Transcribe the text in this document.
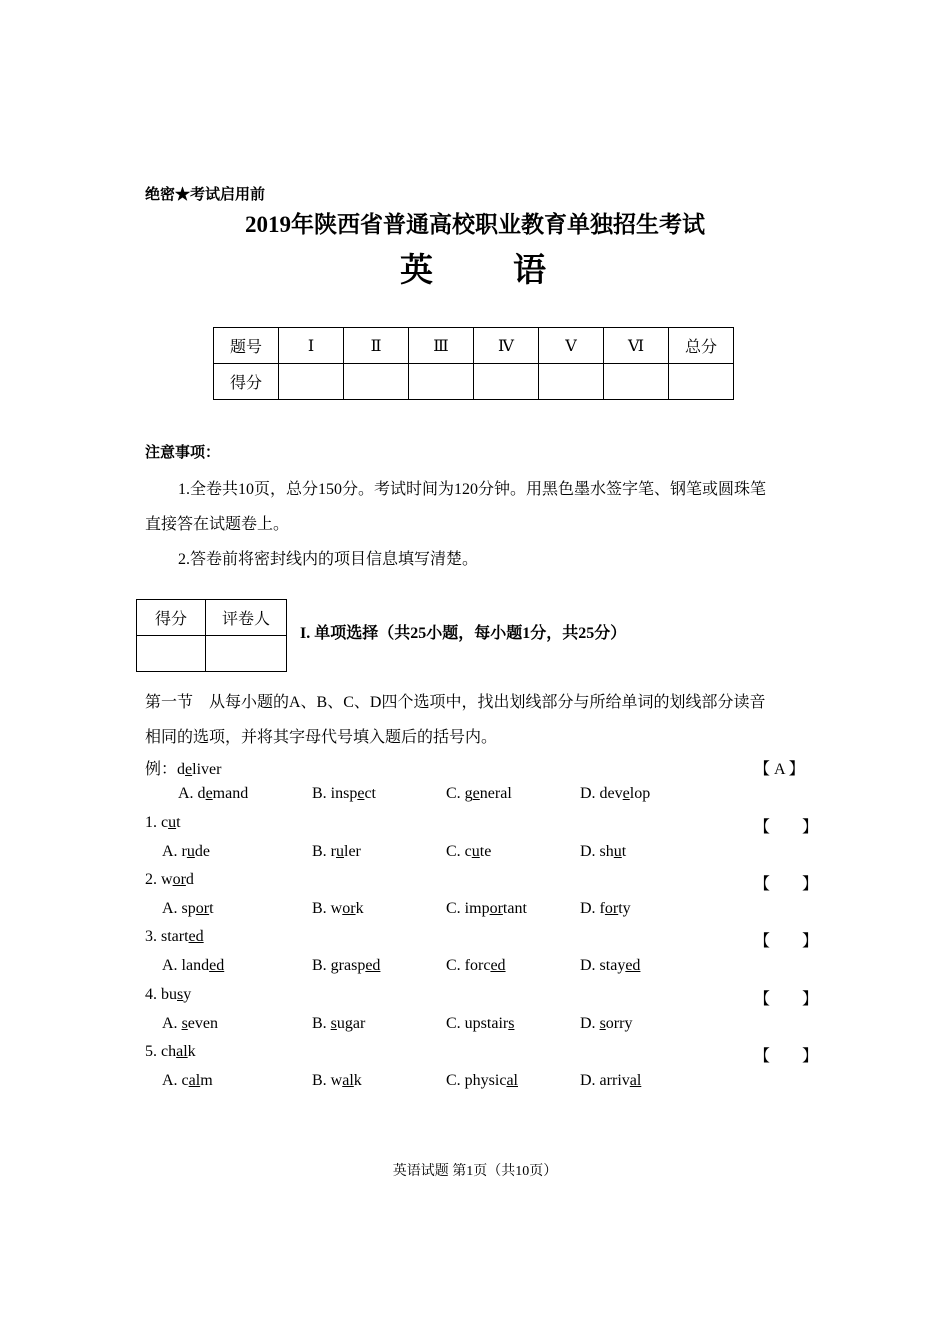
绝密★考试启用前
2019年陕西省普通高校职业教育单独招生考试
英 语
题号	Ⅰ	Ⅱ	Ⅲ	Ⅳ	Ⅴ	Ⅵ	总分
得分							
注意事项：
1.全卷共10页，总分150分。考试时间为120分钟。用黑色墨水签字笔、钢笔或圆珠笔
直接答在试题卷上。
2.答卷前将密封线内的项目信息填写清楚。
得分	评卷人

I. 单项选择（共25小题，每小题1分，共25分）
第一节　从每小题的A、B、C、D四个选项中，找出划线部分与所给单词的划线部分读音
相同的选项，并将其字母代号填入题后的括号内。
例：deliver	【 A 】
A. demand	B. inspect	C. general	D. develop
1. cut	【　　】
A. rude	B. ruler	C. cute	D. shut
2. word	【　　】
A. sport	B. work	C. important	D. forty
3. started	【　　】
A. landed	B. grasped	C. forced	D. stayed
4. busy	【　　】
A. seven	B. sugar	C. upstairs	D. sorry
5. chalk	【　　】
A. calm	B. walk	C. physical	D. arrival
英语试题 第1页（共10页）
